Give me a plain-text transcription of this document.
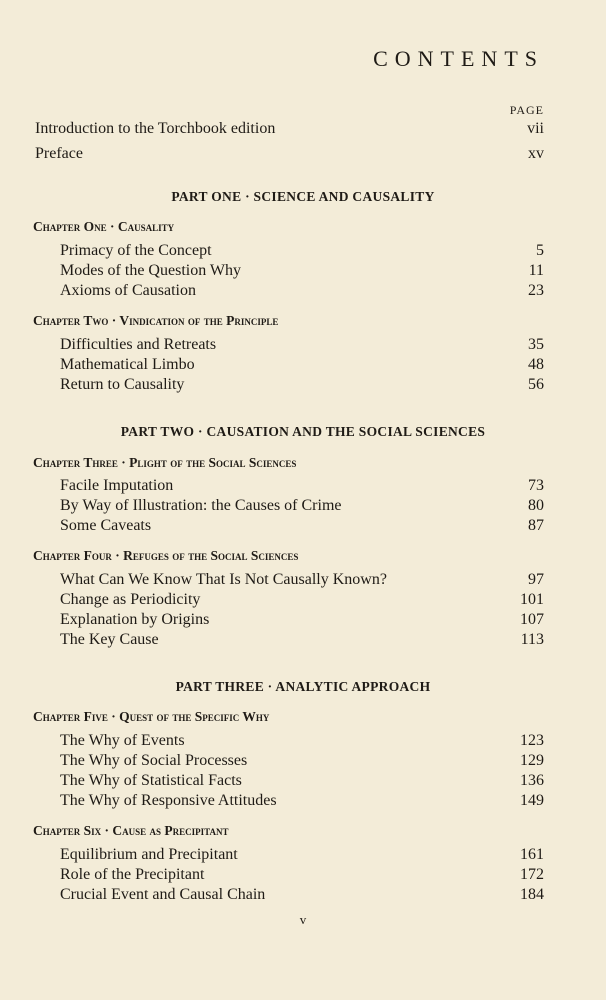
CONTENTS
PAGE
Introduction to the Torchbook edition	vii
Preface	xv
PART ONE · SCIENCE AND CAUSALITY
Chapter One · Causality
Primacy of the Concept	5
Modes of the Question Why	11
Axioms of Causation	23
Chapter Two · Vindication of the Principle
Difficulties and Retreats	35
Mathematical Limbo	48
Return to Causality	56
PART TWO · CAUSATION AND THE SOCIAL SCIENCES
Chapter Three · Plight of the Social Sciences
Facile Imputation	73
By Way of Illustration: the Causes of Crime	80
Some Caveats	87
Chapter Four · Refuges of the Social Sciences
What Can We Know That Is Not Causally Known?	97
Change as Periodicity	101
Explanation by Origins	107
The Key Cause	113
PART THREE · ANALYTIC APPROACH
Chapter Five · Quest of the Specific Why
The Why of Events	123
The Why of Social Processes	129
The Why of Statistical Facts	136
The Why of Responsive Attitudes	149
Chapter Six · Cause as Precipitant
Equilibrium and Precipitant	161
Role of the Precipitant	172
Crucial Event and Causal Chain	184
v
